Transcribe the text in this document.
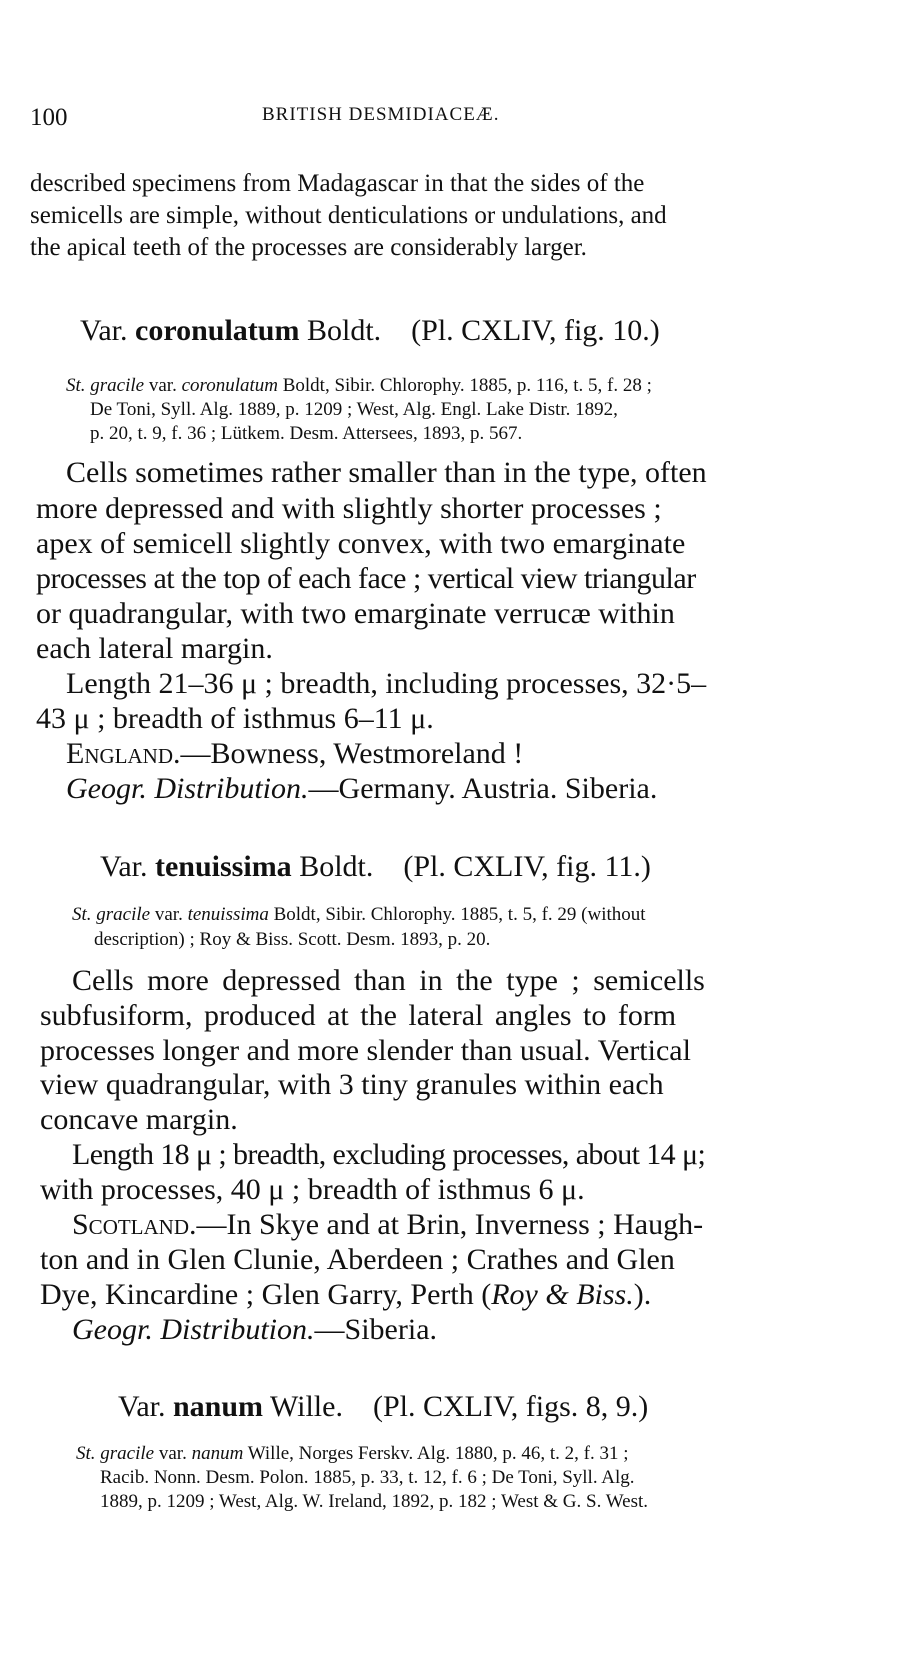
100	BRITISH DESMIDIACEÆ.
described specimens from Madagascar in that the sides of the
semicells are simple, without denticulations or undulations, and
the apical teeth of the processes are considerably larger.
Var. coronulatum Boldt. (Pl. CXLIV, fig. 10.)
St. gracile var. coronulatum Boldt, Sibir. Chlorophy. 1885, p. 116, t. 5, f. 28 ;
De Toni, Syll. Alg. 1889, p. 1209 ; West, Alg. Engl. Lake Distr. 1892,
p. 20, t. 9, f. 36 ; Lütkem. Desm. Attersees, 1893, p. 567.
Cells sometimes rather smaller than in the type, often
more depressed and with slightly shorter processes ;
apex of semicell slightly convex, with two emarginate
processes at the top of each face ; vertical view triangular
or quadrangular, with two emarginate verrucæ within
each lateral margin.
Length 21–36 μ ; breadth, including processes, 32·5–
43 μ ; breadth of isthmus 6–11 μ.
England.—Bowness, Westmoreland !
Geogr. Distribution.—Germany. Austria. Siberia.
Var. tenuissima Boldt. (Pl. CXLIV, fig. 11.)
St. gracile var. tenuissima Boldt, Sibir. Chlorophy. 1885, t. 5, f. 29 (without
description) ; Roy & Biss. Scott. Desm. 1893, p. 20.
Cells more depressed than in the type ; semicells
subfusiform, produced at the lateral angles to form
processes longer and more slender than usual. Vertical
view quadrangular, with 3 tiny granules within each
concave margin.
Length 18 μ ; breadth, excluding processes, about 14 μ;
with processes, 40 μ ; breadth of isthmus 6 μ.
Scotland.—In Skye and at Brin, Inverness ; Haugh-
ton and in Glen Clunie, Aberdeen ; Crathes and Glen
Dye, Kincardine ; Glen Garry, Perth (Roy & Biss.).
Geogr. Distribution.—Siberia.
Var. nanum Wille. (Pl. CXLIV, figs. 8, 9.)
St. gracile var. nanum Wille, Norges Ferskv. Alg. 1880, p. 46, t. 2, f. 31 ;
Racib. Nonn. Desm. Polon. 1885, p. 33, t. 12, f. 6 ; De Toni, Syll. Alg.
1889, p. 1209 ; West, Alg. W. Ireland, 1892, p. 182 ; West & G. S. West.
